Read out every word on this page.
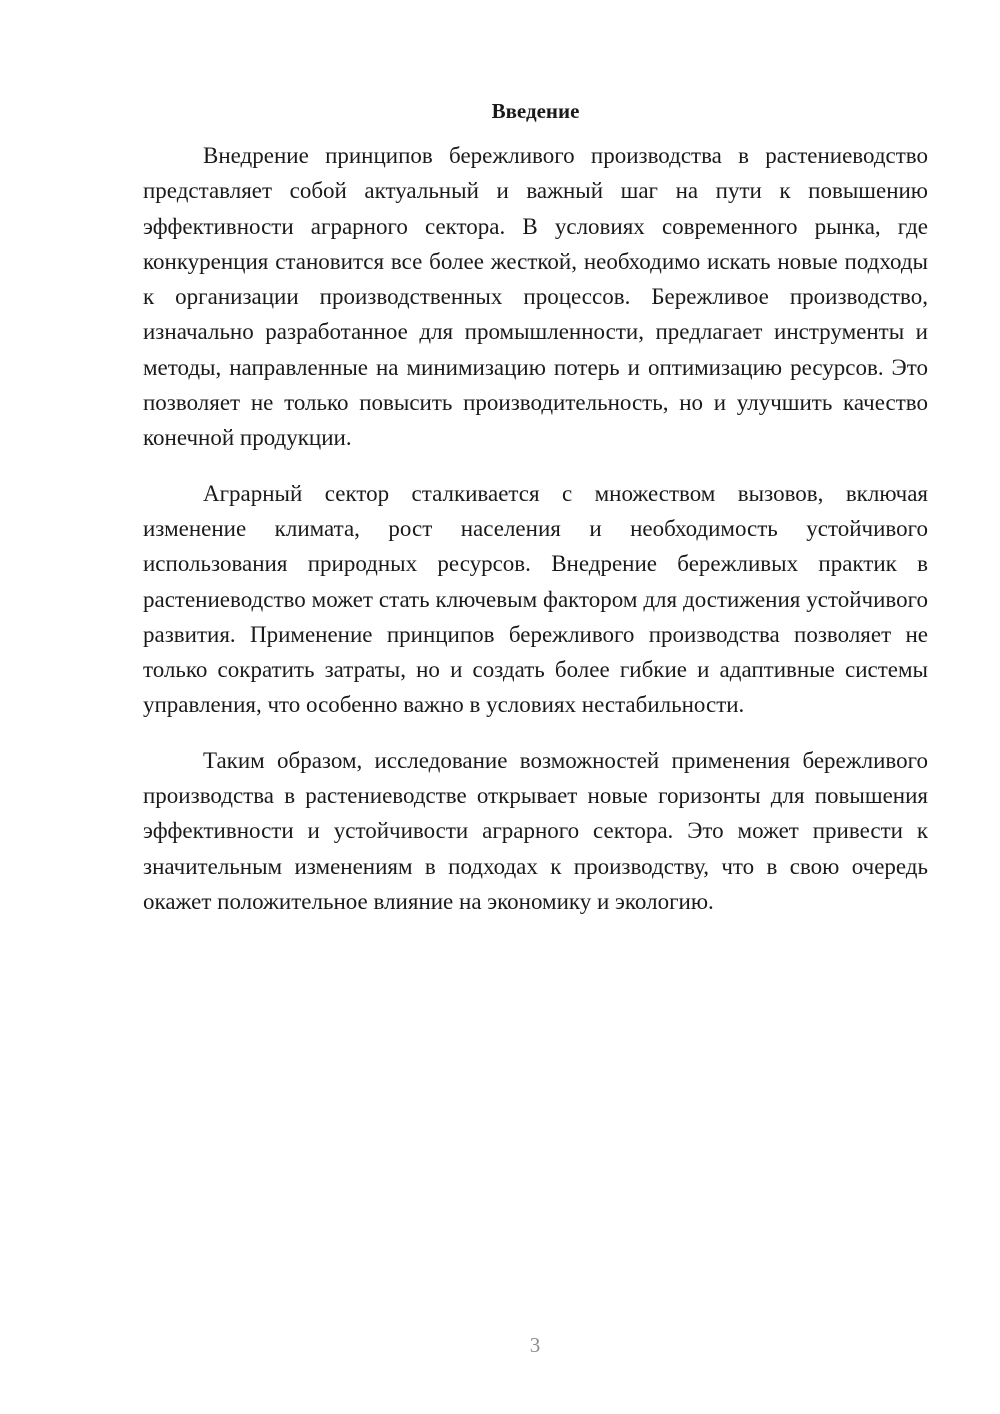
Введение

Внедрение принципов бережливого производства в растениеводство представляет собой актуальный и важный шаг на пути к повышению эффективности аграрного сектора. В условиях современного рынка, где конкуренция становится все более жесткой, необходимо искать новые подходы к организации производственных процессов. Бережливое производство, изначально разработанное для промышленности, предлагает инструменты и методы, направленные на минимизацию потерь и оптимизацию ресурсов. Это позволяет не только повысить производительность, но и улучшить качество конечной продукции.

Аграрный сектор сталкивается с множеством вызовов, включая изменение климата, рост населения и необходимость устойчивого использования природных ресурсов. Внедрение бережливых практик в растениеводство может стать ключевым фактором для достижения устойчивого развития. Применение принципов бережливого производства позволяет не только сократить затраты, но и создать более гибкие и адаптивные системы управления, что особенно важно в условиях нестабильности.

Таким образом, исследование возможностей применения бережливого производства в растениеводстве открывает новые горизонты для повышения эффективности и устойчивости аграрного сектора. Это может привести к значительным изменениям в подходах к производству, что в свою очередь окажет положительное влияние на экономику и экологию.

3
